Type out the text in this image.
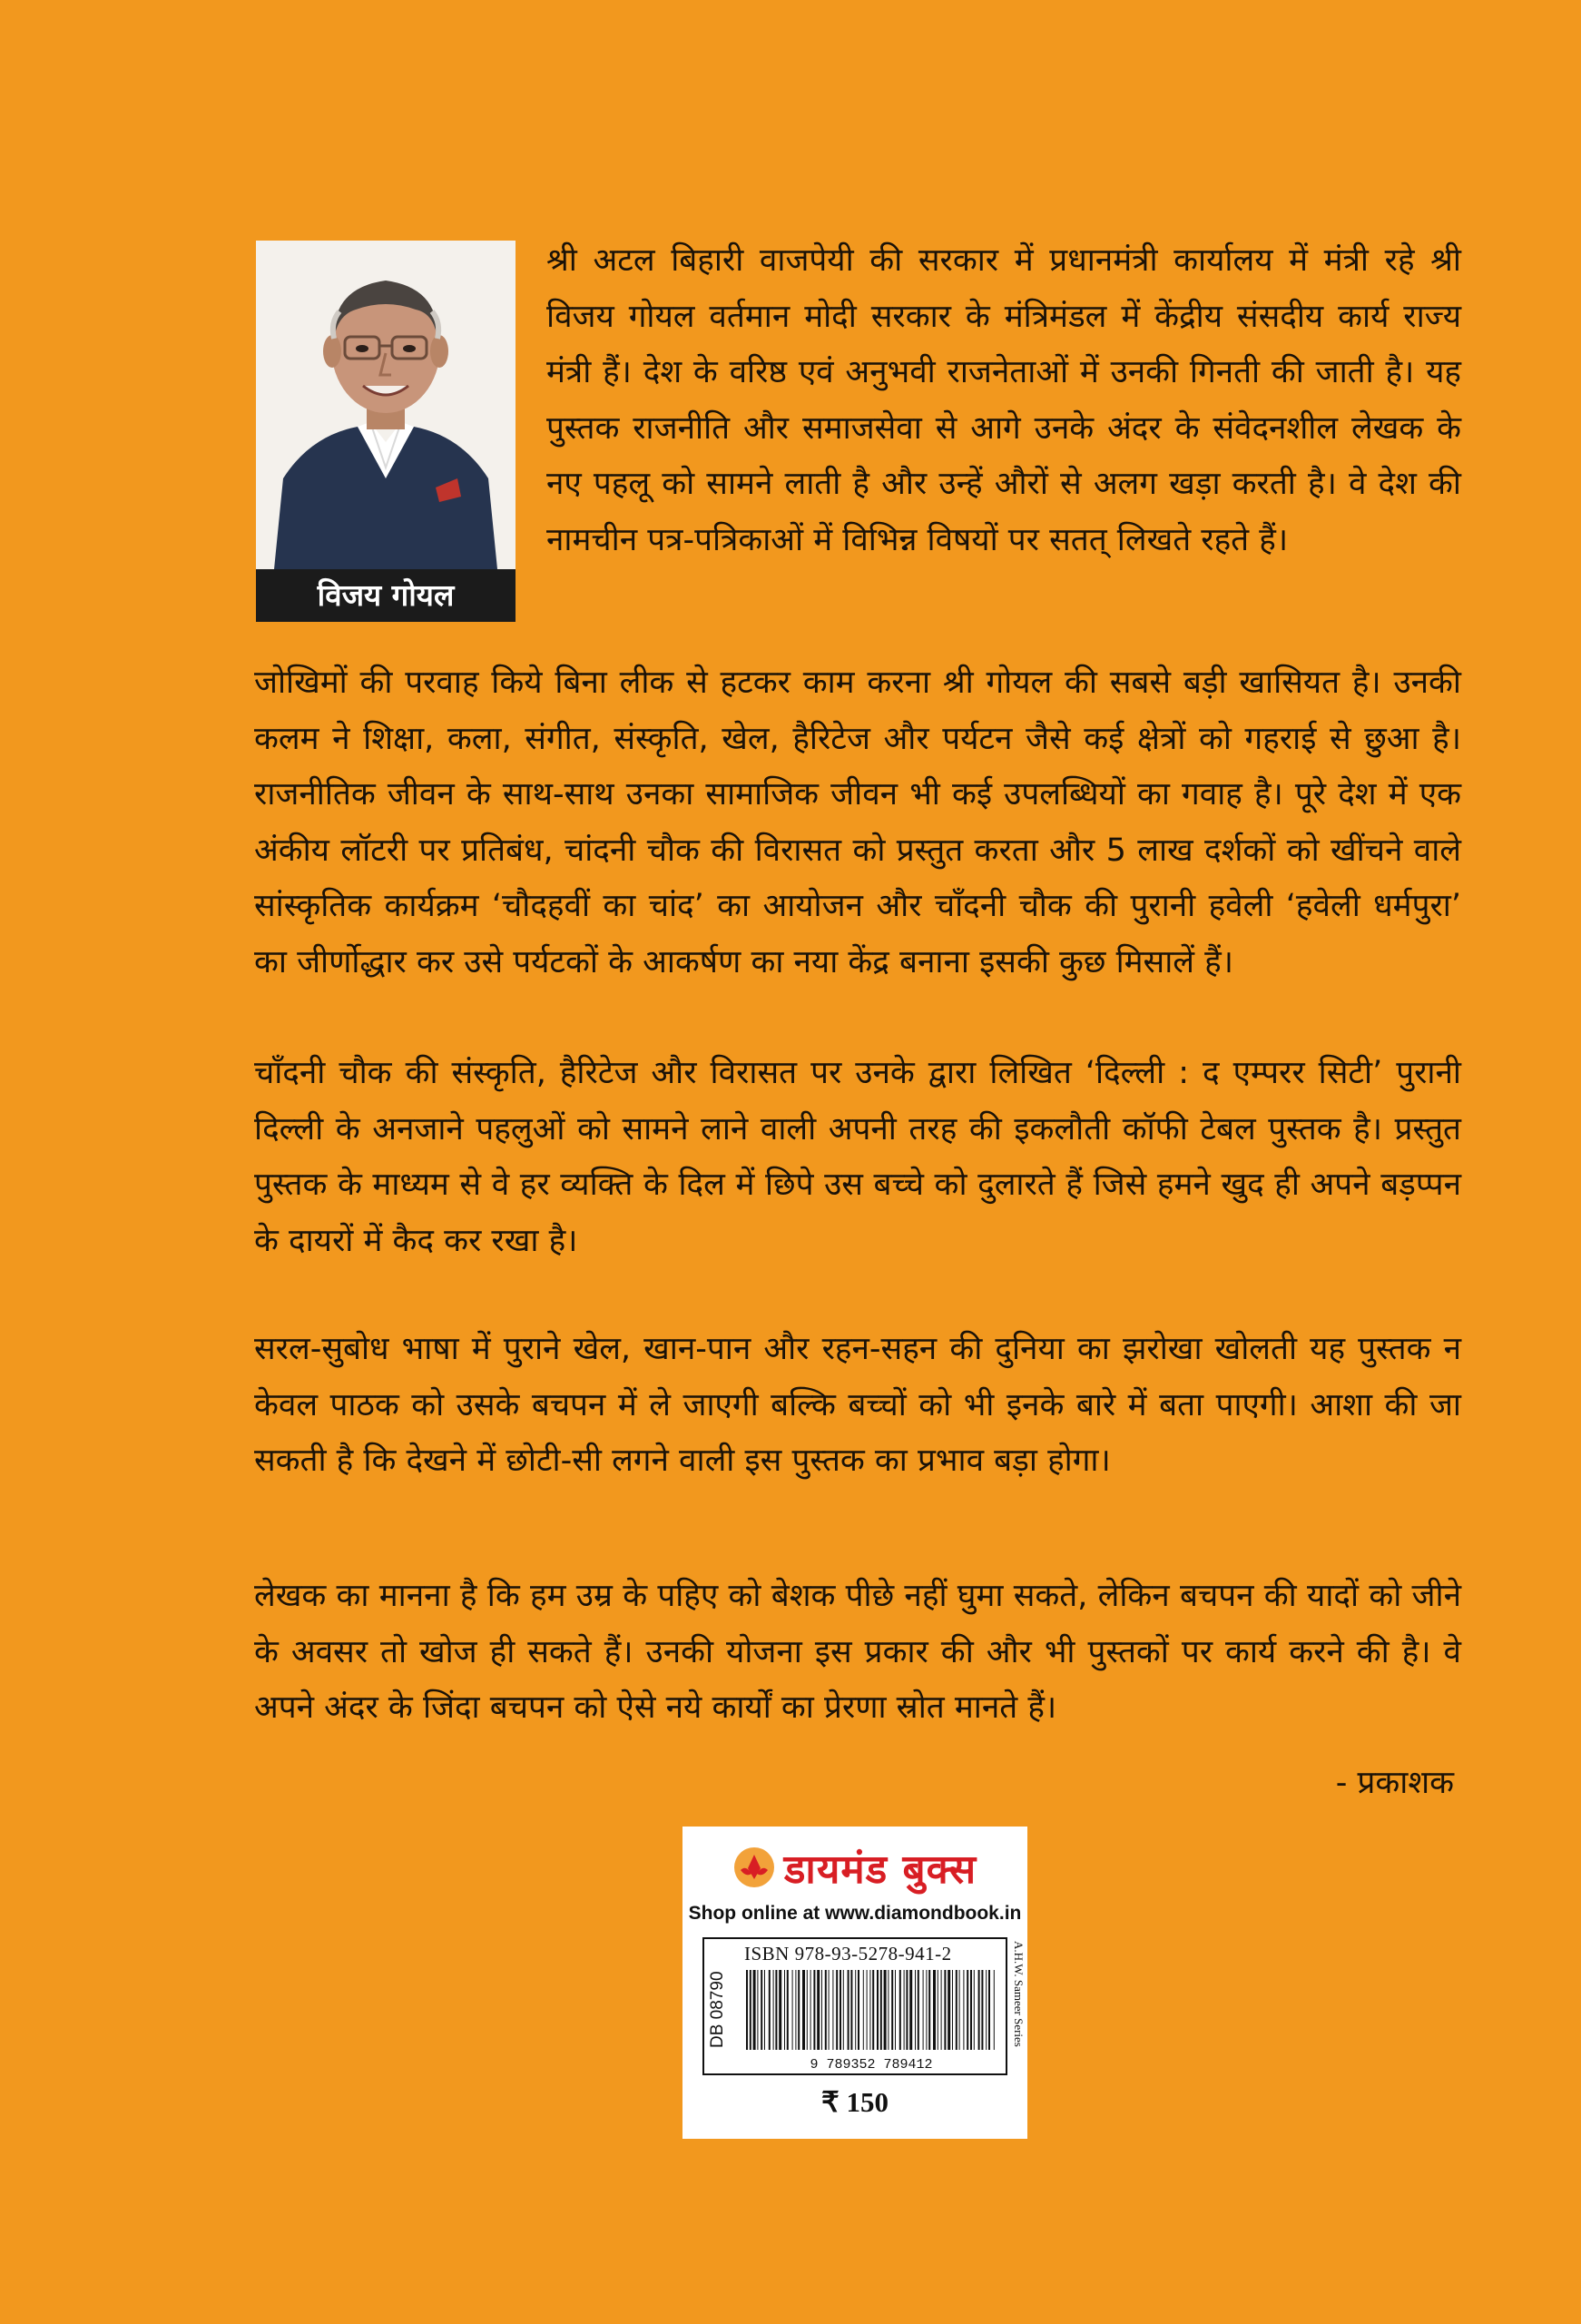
विजय गोयल

श्री अटल बिहारी वाजपेयी की सरकार में प्रधानमंत्री कार्यालय में मंत्री रहे श्री विजय गोयल वर्तमान मोदी सरकार के मंत्रिमंडल में केंद्रीय संसदीय कार्य राज्य मंत्री हैं। देश के वरिष्ठ एवं अनुभवी राजनेताओं में उनकी गिनती की जाती है। यह पुस्तक राजनीति और समाजसेवा से आगे उनके अंदर के संवेदनशील लेखक के नए पहलू को सामने लाती है और उन्हें औरों से अलग खड़ा करती है। वे देश की नामचीन पत्र-पत्रिकाओं में विभिन्न विषयों पर सतत् लिखते रहते हैं।

जोखिमों की परवाह किये बिना लीक से हटकर काम करना श्री गोयल की सबसे बड़ी खासियत है। उनकी कलम ने शिक्षा, कला, संगीत, संस्कृति, खेल, हैरिटेज और पर्यटन जैसे कई क्षेत्रों को गहराई से छुआ है। राजनीतिक जीवन के साथ-साथ उनका सामाजिक जीवन भी कई उपलब्धियों का गवाह है। पूरे देश में एक अंकीय लॉटरी पर प्रतिबंध, चांदनी चौक की विरासत को प्रस्तुत करता और 5 लाख दर्शकों को खींचने वाले सांस्कृतिक कार्यक्रम ‘चौदहवीं का चांद’ का आयोजन और चाँदनी चौक की पुरानी हवेली ‘हवेली धर्मपुरा’ का जीर्णोद्धार कर उसे पर्यटकों के आकर्षण का नया केंद्र बनाना इसकी कुछ मिसालें हैं।

चाँदनी चौक की संस्कृति, हैरिटेज और विरासत पर उनके द्वारा लिखित ‘दिल्ली : द एम्परर सिटी’ पुरानी दिल्ली के अनजाने पहलुओं को सामने लाने वाली अपनी तरह की इकलौती कॉफी टेबल पुस्तक है। प्रस्तुत पुस्तक के माध्यम से वे हर व्यक्ति के दिल में छिपे उस बच्चे को दुलारते हैं जिसे हमने खुद ही अपने बड़प्पन के दायरों में कैद कर रखा है।

सरल-सुबोध भाषा में पुराने खेल, खान-पान और रहन-सहन की दुनिया का झरोखा खोलती यह पुस्तक न केवल पाठक को उसके बचपन में ले जाएगी बल्कि बच्चों को भी इनके बारे में बता पाएगी। आशा की जा सकती है कि देखने में छोटी-सी लगने वाली इस पुस्तक का प्रभाव बड़ा होगा।

लेखक का मानना है कि हम उम्र के पहिए को बेशक पीछे नहीं घुमा सकते, लेकिन बचपन की यादों को जीने के अवसर तो खोज ही सकते हैं। उनकी योजना इस प्रकार की और भी पुस्तकों पर कार्य करने की है। वे अपने अंदर के जिंदा बचपन को ऐसे नये कार्यों का प्रेरणा स्रोत मानते हैं।

- प्रकाशक
डायमंड बुक्स
Shop online at www.diamondbook.in
ISBN 978-93-5278-941-2
DB 08790
9 789352 789412
A.H.W. Sameer Series
₹ 150
